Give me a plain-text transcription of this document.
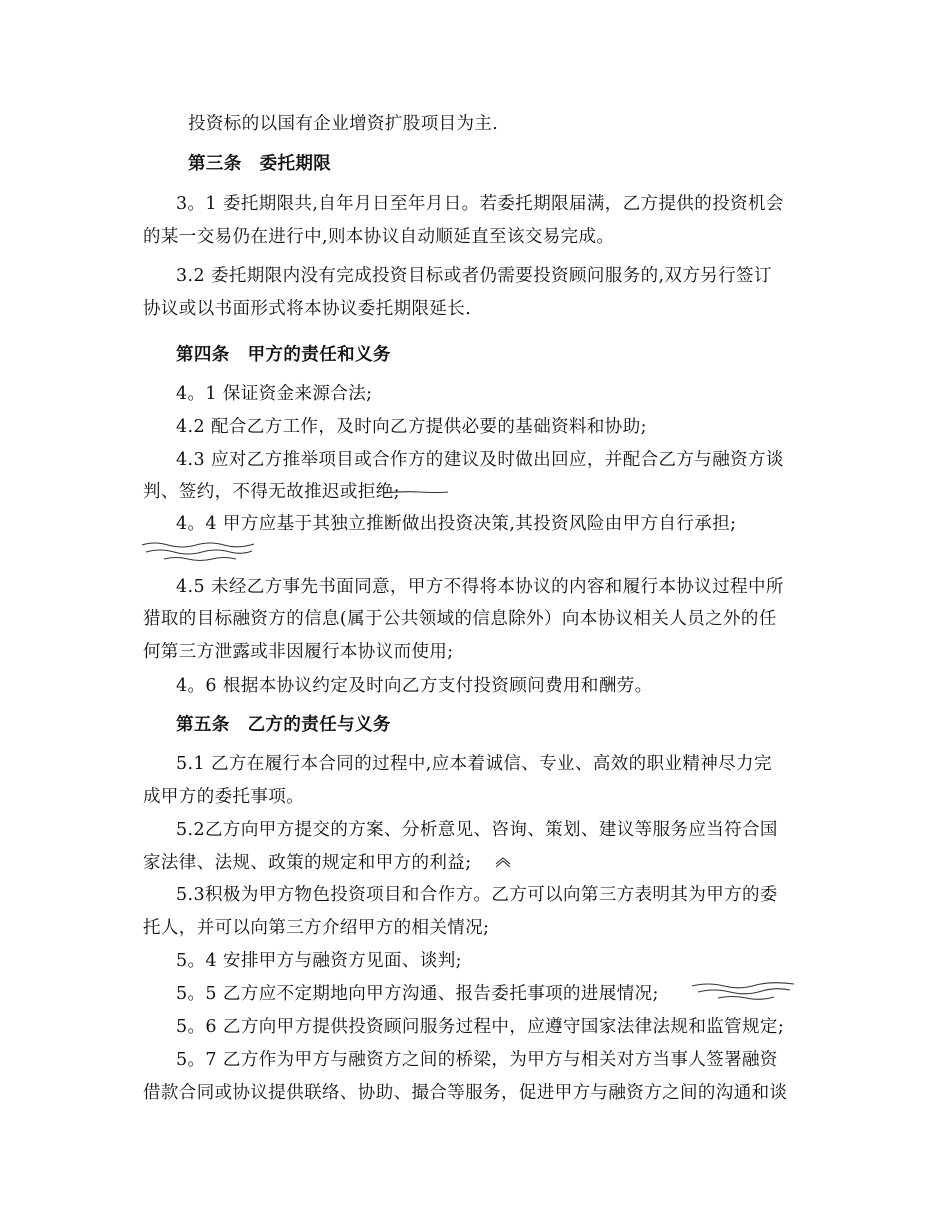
投资标的以国有企业增资扩股项目为主.
第三条　委托期限
3。1 委托期限共,自年月日至年月日。若委托期限届满，乙方提供的投资机会
的某一交易仍在进行中,则本协议自动顺延直至该交易完成。
3.2 委托期限内没有完成投资目标或者仍需要投资顾问服务的,双方另行签订
协议或以书面形式将本协议委托期限延长.
第四条　甲方的责任和义务
4。1 保证资金来源合法;
4.2 配合乙方工作，及时向乙方提供必要的基础资料和协助;
4.3 应对乙方推举项目或合作方的建议及时做出回应，并配合乙方与融资方谈
判、签约，不得无故推迟或拒绝;
4。4 甲方应基于其独立推断做出投资决策,其投资风险由甲方自行承担;
4.5 未经乙方事先书面同意，甲方不得将本协议的内容和履行本协议过程中所
猎取的目标融资方的信息(属于公共领域的信息除外）向本协议相关人员之外的任
何第三方泄露或非因履行本协议而使用;
4。6 根据本协议约定及时向乙方支付投资顾问费用和酬劳。
第五条　乙方的责任与义务
5.1 乙方在履行本合同的过程中,应本着诚信、专业、高效的职业精神尽力完
成甲方的委托事项。
5.2乙方向甲方提交的方案、分析意见、咨询、策划、建议等服务应当符合国
家法律、法规、政策的规定和甲方的利益;
5.3积极为甲方物色投资项目和合作方。乙方可以向第三方表明其为甲方的委
托人，并可以向第三方介绍甲方的相关情况;
5。4 安排甲方与融资方见面、谈判;
5。5 乙方应不定期地向甲方沟通、报告委托事项的进展情况;
5。6 乙方向甲方提供投资顾问服务过程中，应遵守国家法律法规和监管规定;
5。7 乙方作为甲方与融资方之间的桥梁，为甲方与相关对方当事人签署融资
借款合同或协议提供联络、协助、撮合等服务，促进甲方与融资方之间的沟通和谈
